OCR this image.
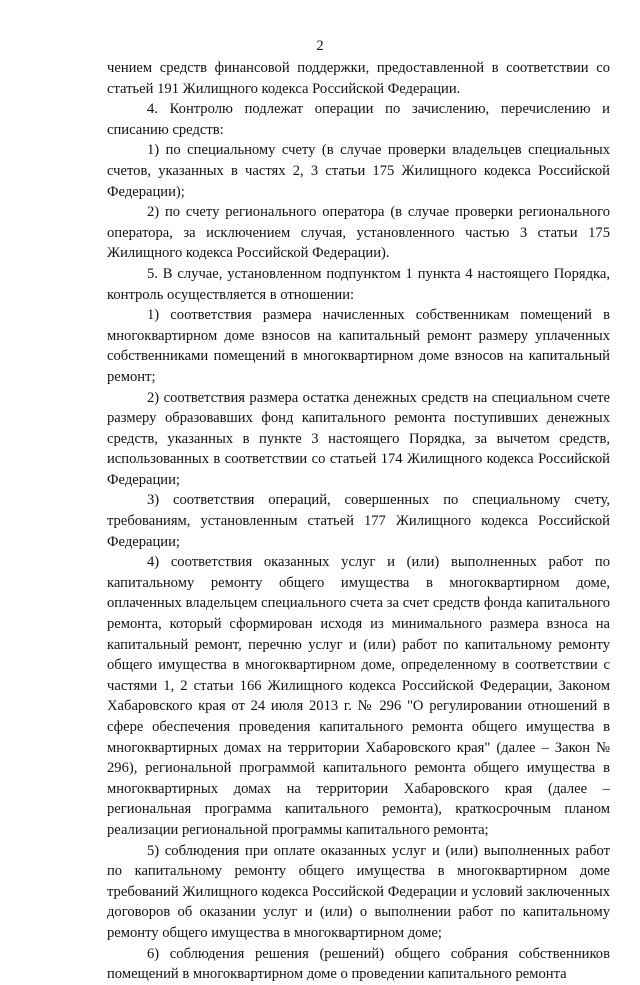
2

чением средств финансовой поддержки, предоставленной в соответствии со статьей 191 Жилищного кодекса Российской Федерации.

4. Контролю подлежат операции по зачислению, перечислению и списанию средств:

1) по специальному счету (в случае проверки владельцев специальных счетов, указанных в частях 2, 3 статьи 175 Жилищного кодекса Российской Федерации);

2) по счету регионального оператора (в случае проверки регионального оператора, за исключением случая, установленного частью 3 статьи 175 Жилищного кодекса Российской Федерации).

5. В случае, установленном подпунктом 1 пункта 4 настоящего Порядка, контроль осуществляется в отношении:

1) соответствия размера начисленных собственникам помещений в многоквартирном доме взносов на капитальный ремонт размеру уплаченных собственниками помещений в многоквартирном доме взносов на капитальный ремонт;

2) соответствия размера остатка денежных средств на специальном счете размеру образовавших фонд капитального ремонта поступивших денежных средств, указанных в пункте 3 настоящего Порядка, за вычетом средств, использованных в соответствии со статьей 174 Жилищного кодекса Российской Федерации;

3) соответствия операций, совершенных по специальному счету, требованиям, установленным статьей 177 Жилищного кодекса Российской Федерации;

4) соответствия оказанных услуг и (или) выполненных работ по капитальному ремонту общего имущества в многоквартирном доме, оплаченных владельцем специального счета за счет средств фонда капитального ремонта, который сформирован исходя из минимального размера взноса на капитальный ремонт, перечню услуг и (или) работ по капитальному ремонту общего имущества в многоквартирном доме, определенному в соответствии с частями 1, 2 статьи 166 Жилищного кодекса Российской Федерации, Законом Хабаровского края от 24 июля 2013 г. № 296 "О регулировании отношений в сфере обеспечения проведения капитального ремонта общего имущества в многоквартирных домах на территории Хабаровского края" (далее – Закон № 296), региональной программой капитального ремонта общего имущества в многоквартирных домах на территории Хабаровского края (далее – региональная программа капитального ремонта), краткосрочным планом реализации региональной программы капитального ремонта;

5) соблюдения при оплате оказанных услуг и (или) выполненных работ по капитальному ремонту общего имущества в многоквартирном доме требований Жилищного кодекса Российской Федерации и условий заключенных договоров об оказании услуг и (или) о выполнении работ по капитальному ремонту общего имущества в многоквартирном доме;

6) соблюдения решения (решений) общего собрания собственников помещений в многоквартирном доме о проведении капитального ремонта
